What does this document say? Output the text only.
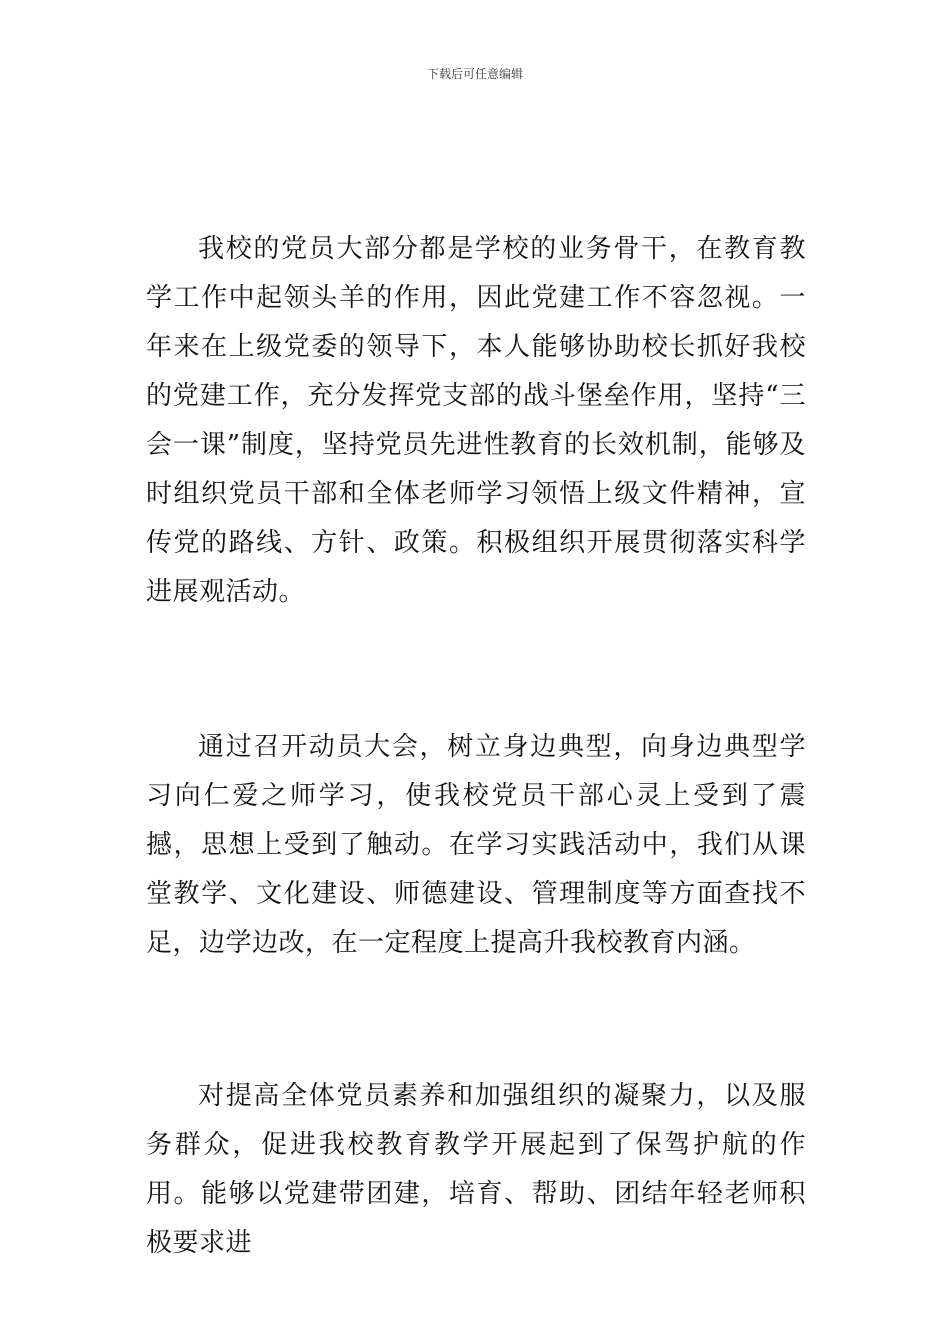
下载后可任意编辑

我校的党员大部分都是学校的业务骨干，在教育教学工作中起领头羊的作用，因此党建工作不容忽视。一年来在上级党委的领导下，本人能够协助校长抓好我校的党建工作，充分发挥党支部的战斗堡垒作用，坚持“三会一课”制度，坚持党员先进性教育的长效机制，能够及时组织党员干部和全体老师学习领悟上级文件精神，宣传党的路线、方针、政策。积极组织开展贯彻落实科学进展观活动。

通过召开动员大会，树立身边典型，向身边典型学习向仁爱之师学习，使我校党员干部心灵上受到了震撼，思想上受到了触动。在学习实践活动中，我们从课堂教学、文化建设、师德建设、管理制度等方面查找不足，边学边改，在一定程度上提高升我校教育内涵。

对提高全体党员素养和加强组织的凝聚力，以及服务群众，促进我校教育教学开展起到了保驾护航的作用。能够以党建带团建，培育、帮助、团结年轻老师积极要求进
